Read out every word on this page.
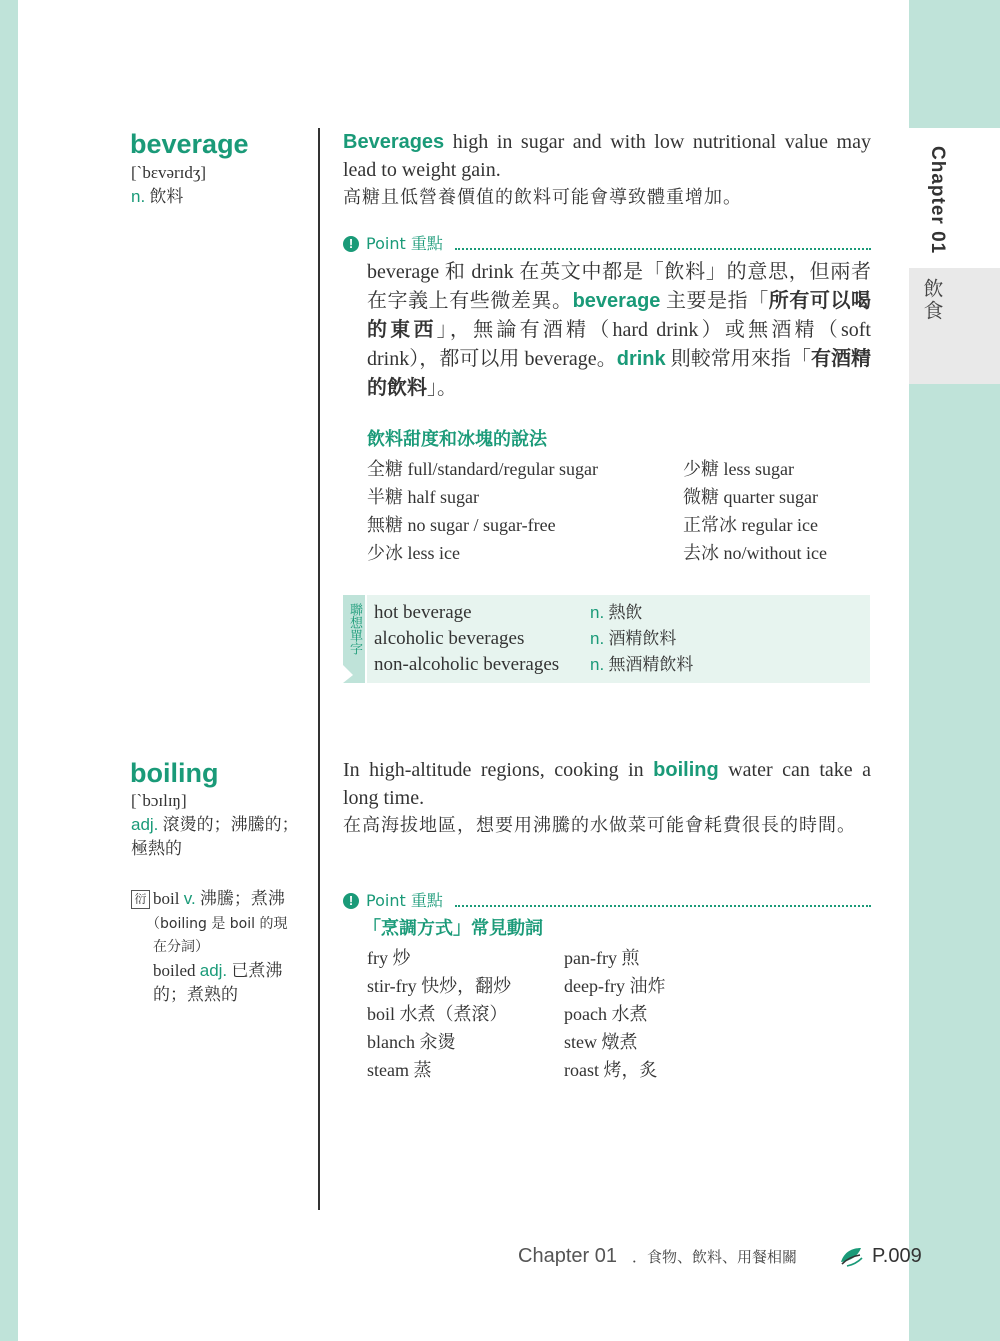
Chapter 01
飲食
beverage
[ˋbɛvərɪdʒ]
n. 飲料
Beverages high in sugar and with low nutritional value may lead to weight gain.
高糖且低營養價值的飲料可能會導致體重增加。
! Point 重點
beverage 和 drink 在英文中都是「飲料」的意思，但兩者在字義上有些微差異。beverage 主要是指「所有可以喝的東西」，無論有酒精（hard drink）或無酒精（soft drink），都可以用 beverage。drink 則較常用來指「有酒精的飲料」。
飲料甜度和冰塊的說法
全糖 full/standard/regular sugar
半糖 half sugar
無糖 no sugar / sugar-free
少冰 less ice
少糖 less sugar
微糖 quarter sugar
正常冰 regular ice
去冰 no/without ice
聯想單字 hot beverage
alcoholic beverages
non-alcoholic beverages
n. 熱飲
n. 酒精飲料
n. 無酒精飲料
boiling
[ˋbɔɪlɪŋ]
adj. 滾燙的；沸騰的；
極熱的
衍 boil v. 沸騰；煮沸
（boiling 是 boil 的現
在分詞）
boiled adj. 已煮沸
的；煮熟的
In high-altitude regions, cooking in boiling water can take a long time.
在高海拔地區，想要用沸騰的水做菜可能會耗費很長的時間。
! Point 重點
「烹調方式」常見動詞
fry 炒
stir-fry 快炒，翻炒
boil 水煮（煮滾）
blanch 汆燙
steam 蒸
pan-fry 煎
deep-fry 油炸
poach 水煮
stew 燉煮
roast 烤，炙
Chapter 01 ．食物、飲料、用餐相關	P.009
